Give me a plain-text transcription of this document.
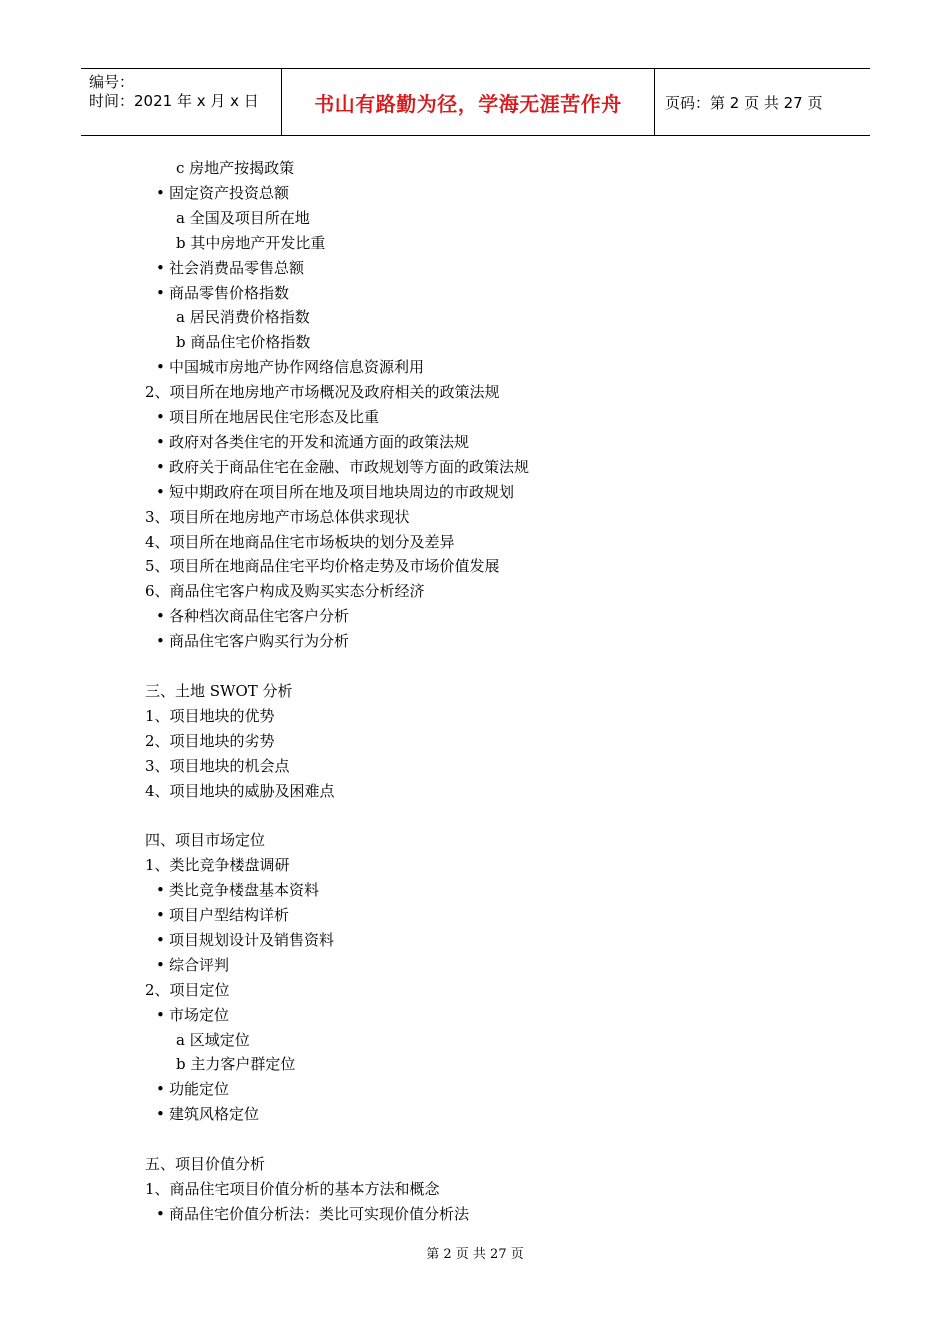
编号：
时间：2021 年 x 月 x 日	书山有路勤为径，学海无涯苦作舟	页码：第 2 页 共 27 页
c 房地产按揭政策
• 固定资产投资总额
a 全国及项目所在地
b 其中房地产开发比重
• 社会消费品零售总额
• 商品零售价格指数
a 居民消费价格指数
b 商品住宅价格指数
• 中国城市房地产协作网络信息资源利用
2、项目所在地房地产市场概况及政府相关的政策法规
• 项目所在地居民住宅形态及比重
• 政府对各类住宅的开发和流通方面的政策法规
• 政府关于商品住宅在金融、市政规划等方面的政策法规
• 短中期政府在项目所在地及项目地块周边的市政规划
3、项目所在地房地产市场总体供求现状
4、项目所在地商品住宅市场板块的划分及差异
5、项目所在地商品住宅平均价格走势及市场价值发展
6、商品住宅客户构成及购买实态分析经济
• 各种档次商品住宅客户分析
• 商品住宅客户购买行为分析
三、土地 SWOT 分析
1、项目地块的优势
2、项目地块的劣势
3、项目地块的机会点
4、项目地块的威胁及困难点
四、项目市场定位
1、类比竞争楼盘调研
• 类比竞争楼盘基本资料
• 项目户型结构详析
• 项目规划设计及销售资料
• 综合评判
2、项目定位
• 市场定位
a 区域定位
b 主力客户群定位
• 功能定位
• 建筑风格定位
五、项目价值分析
1、商品住宅项目价值分析的基本方法和概念
• 商品住宅价值分析法：类比可实现价值分析法
第 2 页 共 27 页
